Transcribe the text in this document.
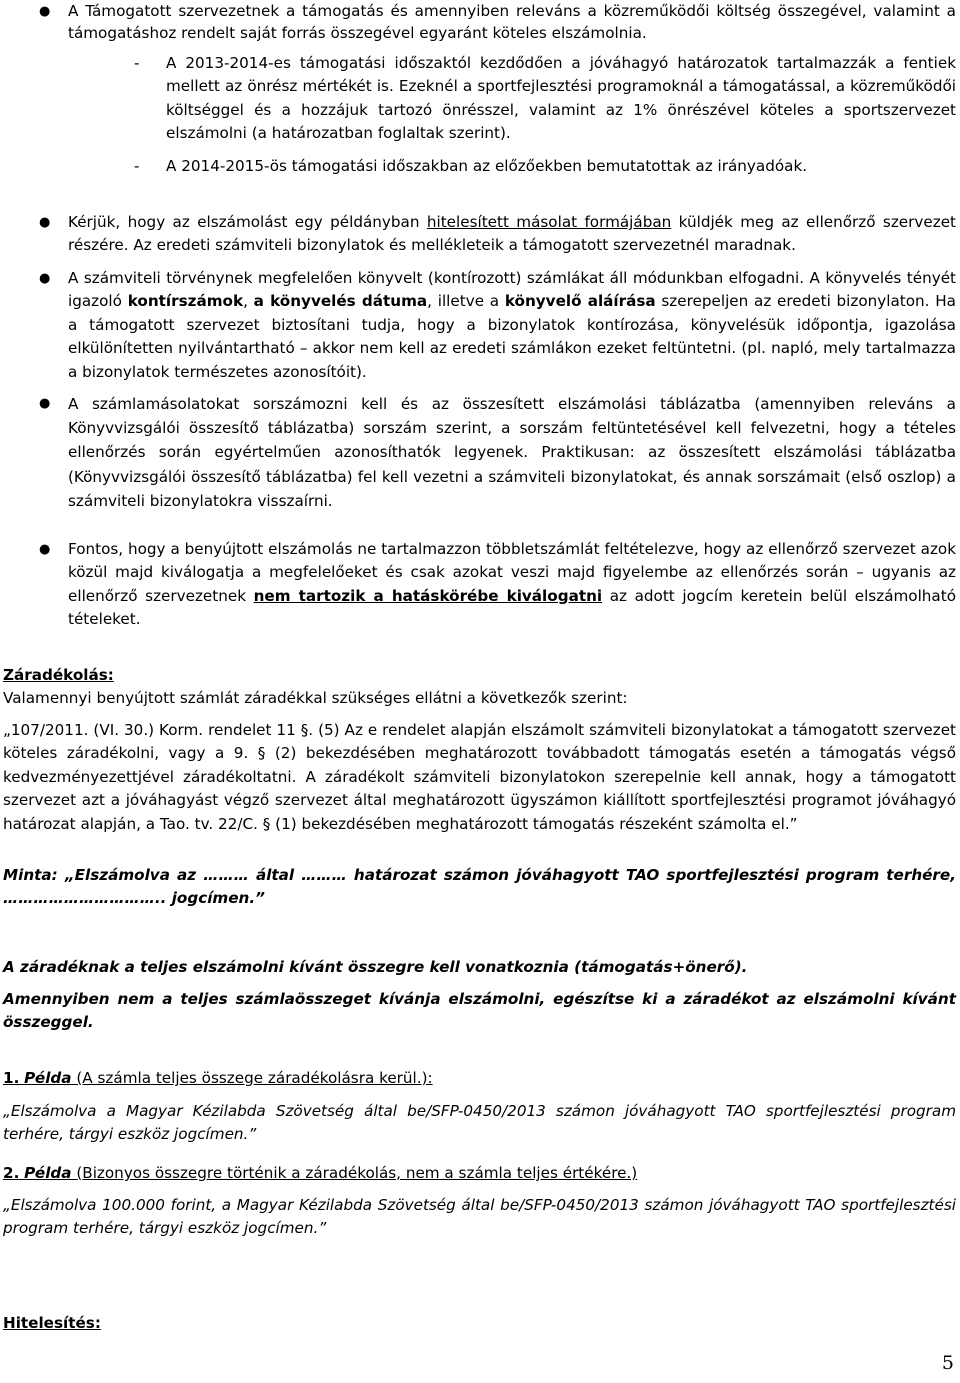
● A Támogatott szervezetnek a támogatás és amennyiben releváns a közreműködői költség összegével, valamint a támogatáshoz rendelt saját forrás összegével egyaránt köteles elszámolnia.
- A 2013-2014-es támogatási időszaktól kezdődően a jóváhagyó határozatok tartalmazzák a fentiek mellett az önrész mértékét is. Ezeknél a sportfejlesztési programoknál a támogatással, a közreműködői költséggel és a hozzájuk tartozó önrésszel, valamint az 1% önrészével köteles a sportszervezet elszámolni (a határozatban foglaltak szerint).
- A 2014-2015-ös támogatási időszakban az előzőekben bemutatottak az irányadóak.
● Kérjük, hogy az elszámolást egy példányban hitelesített másolat formájában küldjék meg az ellenőrző szervezet részére. Az eredeti számviteli bizonylatok és mellékleteik a támogatott szervezetnél maradnak.
● A számviteli törvénynek megfelelően könyvelt (kontírozott) számlákat áll módunkban elfogadni. A könyvelés tényét igazoló kontírszámok, a könyvelés dátuma, illetve a könyvelő aláírása szerepeljen az eredeti bizonylaton. Ha a támogatott szervezet biztosítani tudja, hogy a bizonylatok kontírozása, könyvelésük időpontja, igazolása elkülönítetten nyilvántartható – akkor nem kell az eredeti számlákon ezeket feltüntetni. (pl. napló, mely tartalmazza a bizonylatok természetes azonosítóit).
● A számlamásolatokat sorszámozni kell és az összesített elszámolási táblázatba (amennyiben releváns a Könyvvizsgálói összesítő táblázatba) sorszám szerint, a sorszám feltüntetésével kell felvezetni, hogy a tételes ellenőrzés során egyértelműen azonosíthatók legyenek. Praktikusan: az összesített elszámolási táblázatba (Könyvvizsgálói összesítő táblázatba) fel kell vezetni a számviteli bizonylatokat, és annak sorszámait (első oszlop) a számviteli bizonylatokra visszaírni.
● Fontos, hogy a benyújtott elszámolás ne tartalmazzon többletszámlát feltételezve, hogy az ellenőrző szervezet azok közül majd kiválogatja a megfelelőeket és csak azokat veszi majd figyelembe az ellenőrzés során – ugyanis az ellenőrző szervezetnek nem tartozik a hatáskörébe kiválogatni az adott jogcím keretein belül elszámolható tételeket.
Záradékolás:
Valamennyi benyújtott számlát záradékkal szükséges ellátni a következők szerint:
„107/2011. (VI. 30.) Korm. rendelet 11 §. (5) Az e rendelet alapján elszámolt számviteli bizonylatokat a támogatott szervezet köteles záradékolni, vagy a 9. § (2) bekezdésében meghatározott továbbadott támogatás esetén a támogatás végső kedvezményezettjével záradékoltatni. A záradékolt számviteli bizonylatokon szerepelnie kell annak, hogy a támogatott szervezet azt a jóváhagyást végző szervezet által meghatározott ügyszámon kiállított sportfejlesztési programot jóváhagyó határozat alapján, a Tao. tv. 22/C. § (1) bekezdésében meghatározott támogatás részeként számolta el.”
Minta: „Elszámolva az ……… által ……… határozat számon jóváhagyott TAO sportfejlesztési program terhére, ………………………….. jogcímen.”
A záradéknak a teljes elszámolni kívánt összegre kell vonatkoznia (támogatás+önerő).
Amennyiben nem a teljes számlaösszeget kívánja elszámolni, egészítse ki a záradékot az elszámolni kívánt összeggel.
1. Példa (A számla teljes összege záradékolásra kerül.):
„Elszámolva a Magyar Kézilabda Szövetség által be/SFP-0450/2013 számon jóváhagyott TAO sportfejlesztési program terhére, tárgyi eszköz jogcímen.”
2. Példa (Bizonyos összegre történik a záradékolás, nem a számla teljes értékére.)
„Elszámolva 100.000 forint, a Magyar Kézilabda Szövetség által be/SFP-0450/2013 számon jóváhagyott TAO sportfejlesztési program terhére, tárgyi eszköz jogcímen.”
Hitelesítés:
5
